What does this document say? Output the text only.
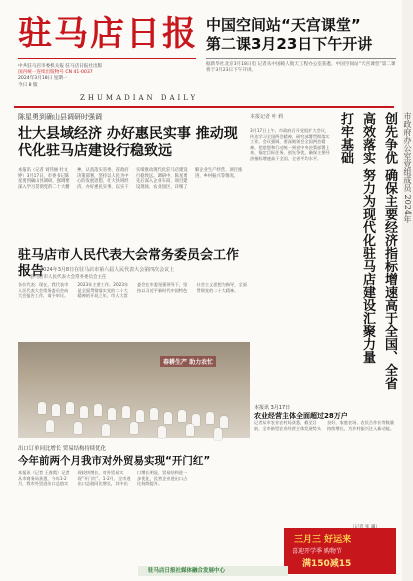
驻马店日报
中共驻马店市委机关报 驻马店日报社出版
国内统一连续出版物号 CN 41-0037
2024年3月18日 星期一
今日 8 版
ZHUMADIAN DAILY
中国空间站“天宫课堂”
第二课3月23日下午开讲
据新华社北京3月18日电 记者从中国载人航天工程办公室获悉，中国空间站“天宫课堂”第二课将于3月23日下午开讲。
陈星勇到确山县调研时强调
壮大县域经济 办好惠民实事 推动现代化驻马店建设行稳致远
本报讯（记者 刘伟丽 杜文婷）3月17日，市委书记陈星勇到确山县调研，强调要深入学习贯彻党的二十大精神，认真落实省委、省政府决策部署，坚持以人民为中心的发展思想，壮大县域经济，办好惠民实事，以实干实绩推动现代化驻马店建设行稳致远。调研中，陈星勇先后深入企业车间、项目建设现场、农业园区，详细了解企业生产经营、项目推进、乡村振兴等情况。
本报记者 叶 莉
3月17日上午，市政府召开党组扩大会议，传达学习全国两会精神，研究部署贯彻落实工作。会议强调，要深刻领会全国两会精神，把思想和行动统一到党中央决策部署上来，锚定目标任务，创先争优，确保主要经济指标增速高于全国、全省平均水平。	市政府办公室党组成员 2024年
创先争优 确保主要经济指标增速高于全国、全省
高效落实 努力为现代化驻马店建设汇聚力量
打牢基础
驻马店市人民代表大会常务委员会工作报告
——2024年3月8日在驻马店市第六届人民代表大会第四次会议上
驻马店市人民代表大会常务委员会主任
各位代表：现在，我代表市人民代表大会常务委员会向大会报告工作，请予审议。2023年主要工作。2023年是全面贯彻落实党的二十大精神的开局之年，市人大常委会在市委坚强领导下，坚持以习近平新时代中国特色社会主义思想为指导，全面贯彻党的二十大精神。
春耕生产 助力农忙
出口订单同比增长 贸易结构持续优化
今年前两个月我市对外贸易实现“开门红”
本报讯（记者 王春霞）记者从市商务局获悉，今年1-2月，我市外贸进出口总值实现较快增长，对外贸易实现“开门红”。1-2月，全市进出口总值同比增长，其中出口增长明显，贸易结构进一步优化，民营企业进出口占比持续提升。
本报讯 3月17日
农业经营主体全面超过28万户
记者从市农业农村局获悉，截至目前，全市新型农业经营主体发展势头良好，家庭农场、农民合作社等数量持续增长，为乡村振兴注入新动能。
三月三 好运来
喜迎开学季 购物节
满150减15
驻马店日报社媒体融合发展中心
